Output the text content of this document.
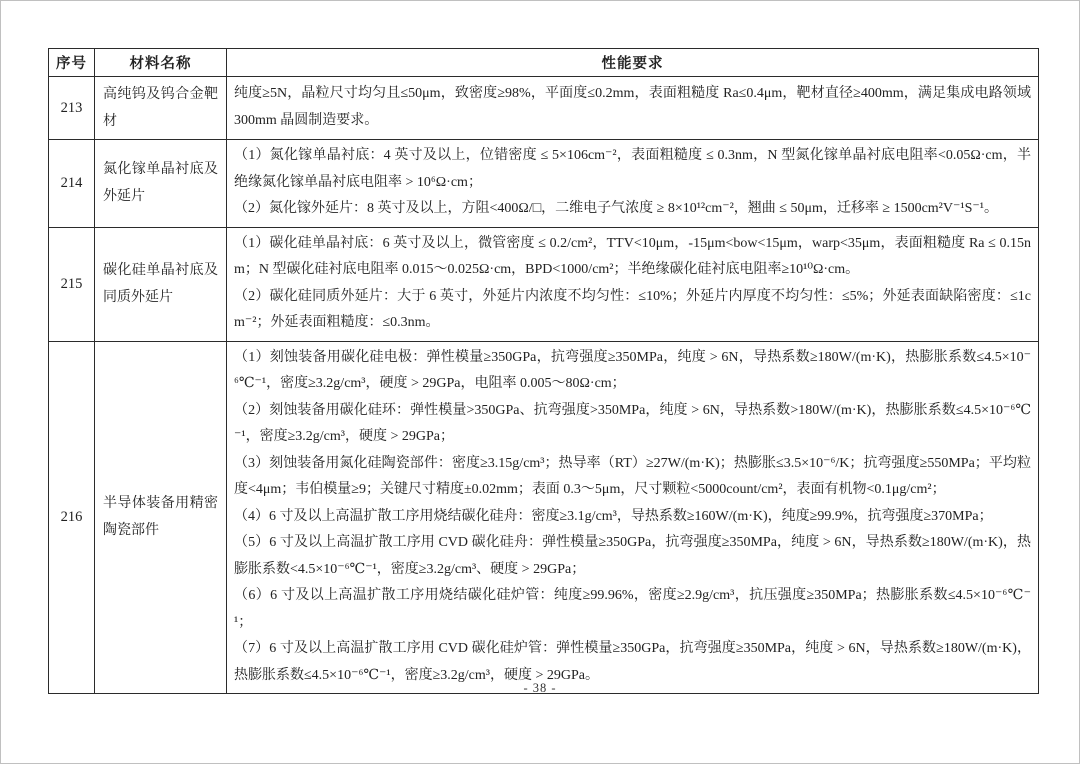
序号	材料名称	性能要求
213	高纯钨及钨合金靶材	纯度≥5N，晶粒尺寸均匀且≤50μm，致密度≥98%，平面度≤0.2mm，表面粗糙度 Ra≤0.4μm，靶材直径≥400mm，满足集成电路领域 300mm 晶圆制造要求。

214	氮化镓单晶衬底及外延片	（1）氮化镓单晶衬底：4 英寸及以上，位错密度 ≤ 5×106cm⁻²，表面粗糙度 ≤ 0.3nm，N 型氮化镓单晶衬底电阻率<0.05Ω·cm，半绝缘氮化镓单晶衬底电阻率 > 10⁶Ω·cm；
（2）氮化镓外延片：8 英寸及以上，方阻<400Ω/□，二维电子气浓度 ≥ 8×10¹²cm⁻²，翘曲 ≤ 50μm，迁移率 ≥ 1500cm²V⁻¹S⁻¹。

215	碳化硅单晶衬底及同质外延片	（1）碳化硅单晶衬底：6 英寸及以上，微管密度 ≤ 0.2/cm²，TTV<10μm，-15μm<bow<15μm，warp<35μm，表面粗糙度 Ra ≤ 0.15nm；N 型碳化硅衬底电阻率 0.015～0.025Ω·cm，BPD<1000/cm²；半绝缘碳化硅衬底电阻率≥10¹⁰Ω·cm。
（2）碳化硅同质外延片：大于 6 英寸，外延片内浓度不均匀性：≤10%；外延片内厚度不均匀性：≤5%；外延表面缺陷密度：≤1cm⁻²；外延表面粗糙度：≤0.3nm。

216	半导体装备用精密陶瓷部件	
（1）刻蚀装备用碳化硅电极：弹性模量≥350GPa，抗弯强度≥350MPa，纯度 > 6N，导热系数≥180W/(m·K)，热膨胀系数≤4.5×10⁻⁶℃⁻¹，密度≥3.2g/cm³，硬度 > 29GPa，电阻率 0.005～80Ω·cm；
（2）刻蚀装备用碳化硅环：弹性模量>350GPa、抗弯强度>350MPa，纯度 > 6N，导热系数>180W/(m·K)，热膨胀系数≤4.5×10⁻⁶℃⁻¹，密度≥3.2g/cm³，硬度 > 29GPa；
（3）刻蚀装备用氮化硅陶瓷部件：密度≥3.15g/cm³；热导率（RT）≥27W/(m·K)；热膨胀≤3.5×10⁻⁶/K；抗弯强度≥550MPa；平均粒度<4μm；韦伯模量≥9；关键尺寸精度±0.02mm；表面 0.3～5μm，尺寸颗粒<5000count/cm²，表面有机物<0.1μg/cm²；
（4）6 寸及以上高温扩散工序用烧结碳化硅舟：密度≥3.1g/cm³，导热系数≥160W/(m·K)，纯度≥99.9%，抗弯强度≥370MPa；
（5）6 寸及以上高温扩散工序用 CVD 碳化硅舟：弹性模量≥350GPa，抗弯强度≥350MPa，纯度 > 6N，导热系数≥180W/(m·K)，热膨胀系数<4.5×10⁻⁶℃⁻¹，密度≥3.2g/cm³、硬度 > 29GPa；
（6）6 寸及以上高温扩散工序用烧结碳化硅炉管：纯度≥99.96%，密度≥2.9g/cm³，抗压强度≥350MPa；热膨胀系数≤4.5×10⁻⁶℃⁻¹；
（7）6 寸及以上高温扩散工序用 CVD 碳化硅炉管：弹性模量≥350GPa，抗弯强度≥350MPa，纯度 > 6N，导热系数≥180W/(m·K)，热膨胀系数≤4.5×10⁻⁶℃⁻¹，密度≥3.2g/cm³，硬度 > 29GPa。
- 38 -
